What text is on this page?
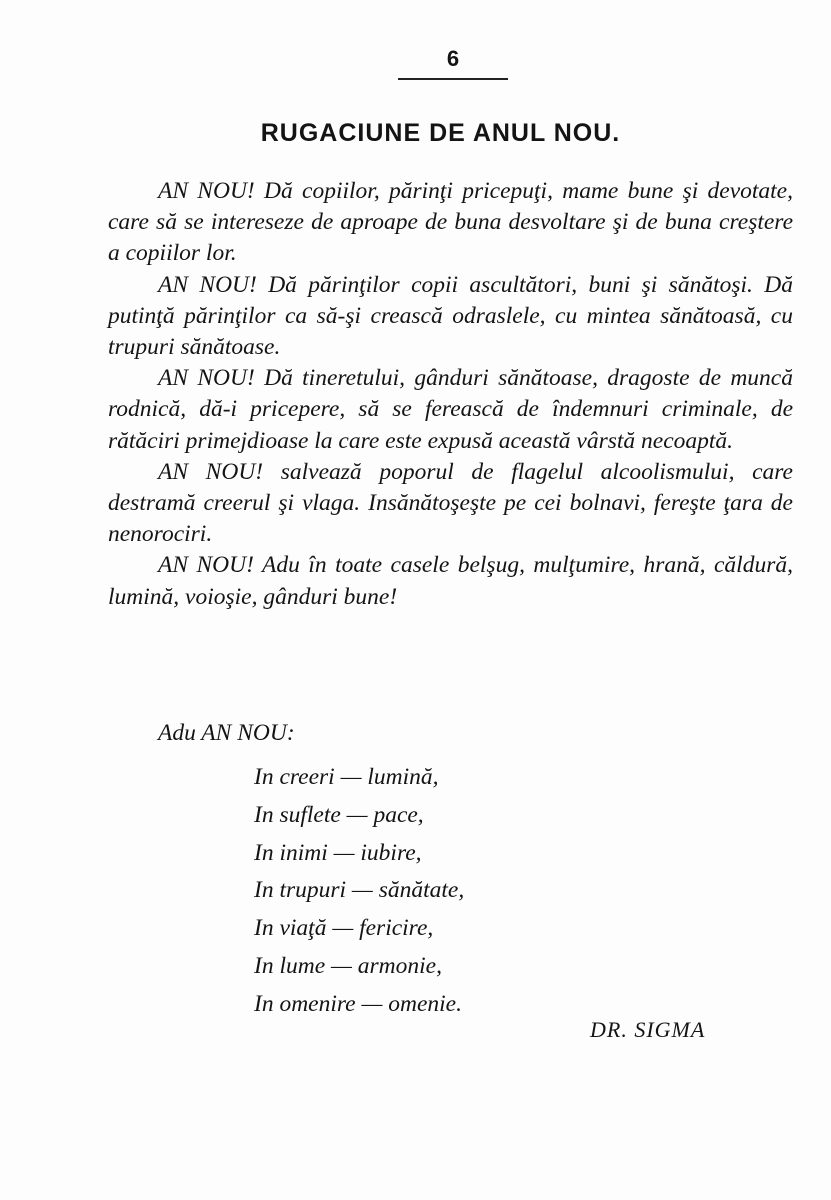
6
RUGACIUNE DE ANUL NOU.

AN NOU! Dă copiilor, părinţi pricepuţi, mame bune şi devotate, care să se intereseze de aproape de buna desvoltare şi de buna creştere a copiilor lor.

AN NOU! Dă părinţilor copii ascultători, buni şi sănătoşi. Dă putinţă părinţilor ca să-şi crească odraslele, cu mintea sănătoasă, cu trupuri sănătoase.

AN NOU! Dă tineretului, gânduri sănătoase, dragoste de muncă rodnică, dă-i pricepere, să se ferească de îndemnuri criminale, de rătăciri primejdioase la care este expusă această vârstă necoaptă.

AN NOU! salvează poporul de flagelul alcoolismului, care destramă creerul şi vlaga. Insănătoşeşte pe cei bolnavi, fereşte ţara de nenorociri.

AN NOU! Adu în toate casele belşug, mulţumire, hrană, căldură, lumină, voioşie, gânduri bune!

Adu AN NOU:
In creeri — lumină,
In suflete — pace,
In inimi — iubire,
In trupuri — sănătate,
In viaţă — fericire,
In lume — armonie,
In omenire — omenie.
DR. SIGMA
